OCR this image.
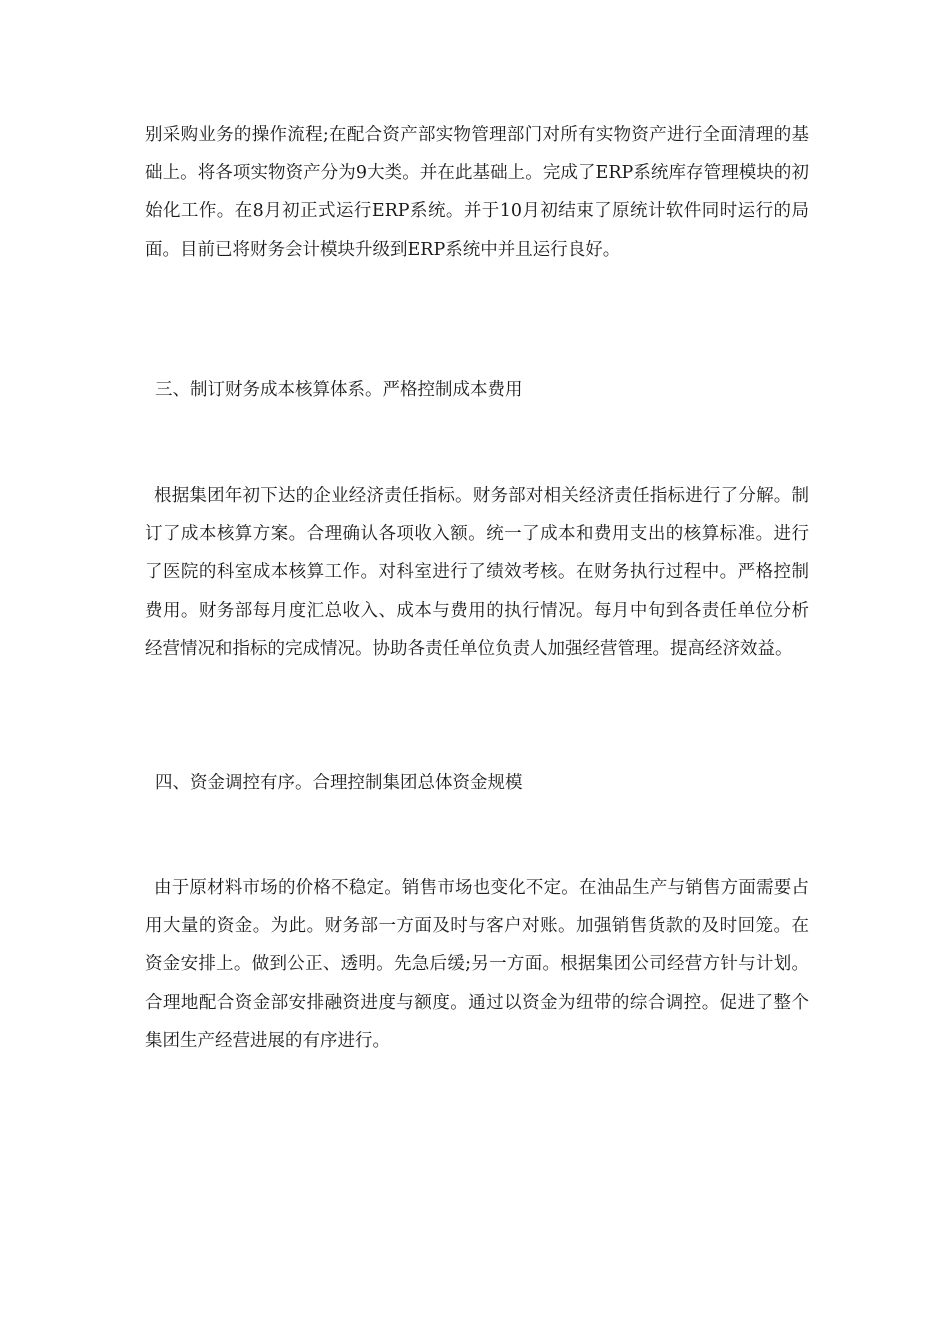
别采购业务的操作流程;在配合资产部实物管理部门对所有实物资产进行全面清理的基础上。将各项实物资产分为9大类。并在此基础上。完成了ERP系统库存管理模块的初始化工作。在8月初正式运行ERP系统。并于10月初结束了原统计软件同时运行的局面。目前已将财务会计模块升级到ERP系统中并且运行良好。

三、制订财务成本核算体系。严格控制成本费用

根据集团年初下达的企业经济责任指标。财务部对相关经济责任指标进行了分解。制订了成本核算方案。合理确认各项收入额。统一了成本和费用支出的核算标准。进行了医院的科室成本核算工作。对科室进行了绩效考核。在财务执行过程中。严格控制费用。财务部每月度汇总收入、成本与费用的执行情况。每月中旬到各责任单位分析经营情况和指标的完成情况。协助各责任单位负责人加强经营管理。提高经济效益。

四、资金调控有序。合理控制集团总体资金规模

由于原材料市场的价格不稳定。销售市场也变化不定。在油品生产与销售方面需要占用大量的资金。为此。财务部一方面及时与客户对账。加强销售货款的及时回笼。在资金安排上。做到公正、透明。先急后缓;另一方面。根据集团公司经营方针与计划。合理地配合资金部安排融资进度与额度。通过以资金为纽带的综合调控。促进了整个集团生产经营进展的有序进行。
